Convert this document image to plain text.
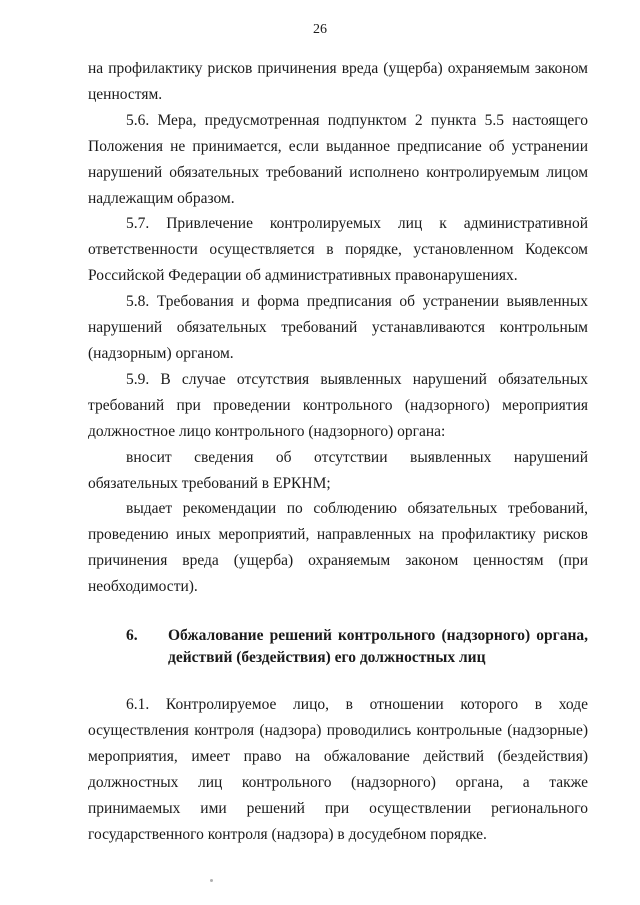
26

на профилактику рисков причинения вреда (ущерба) охраняемым законом ценностям.

5.6. Мера, предусмотренная подпунктом 2 пункта 5.5 настоящего Положения не принимается, если выданное предписание об устранении нарушений обязательных требований исполнено контролируемым лицом надлежащим образом.

5.7. Привлечение контролируемых лиц к административной ответственности осуществляется в порядке, установленном Кодексом Российской Федерации об административных правонарушениях.

5.8. Требования и форма предписания об устранении выявленных нарушений обязательных требований устанавливаются контрольным (надзорным) органом.

5.9. В случае отсутствия выявленных нарушений обязательных требований при проведении контрольного (надзорного) мероприятия должностное лицо контрольного (надзорного) органа:

вносит сведения об отсутствии выявленных нарушений обязательных требований в ЕРКНМ;

выдает рекомендации по соблюдению обязательных требований, проведению иных мероприятий, направленных на профилактику рисков причинения вреда (ущерба) охраняемым законом ценностям (при необходимости).

6.	Обжалование решений контрольного (надзорного) органа, действий (бездействия) его должностных лиц

6.1. Контролируемое лицо, в отношении которого в ходе осуществления контроля (надзора) проводились контрольные (надзорные) мероприятия, имеет право на обжалование действий (бездействия) должностных лиц контрольного (надзорного) органа, а также принимаемых ими решений при осуществлении регионального государственного контроля (надзора) в досудебном порядке.
